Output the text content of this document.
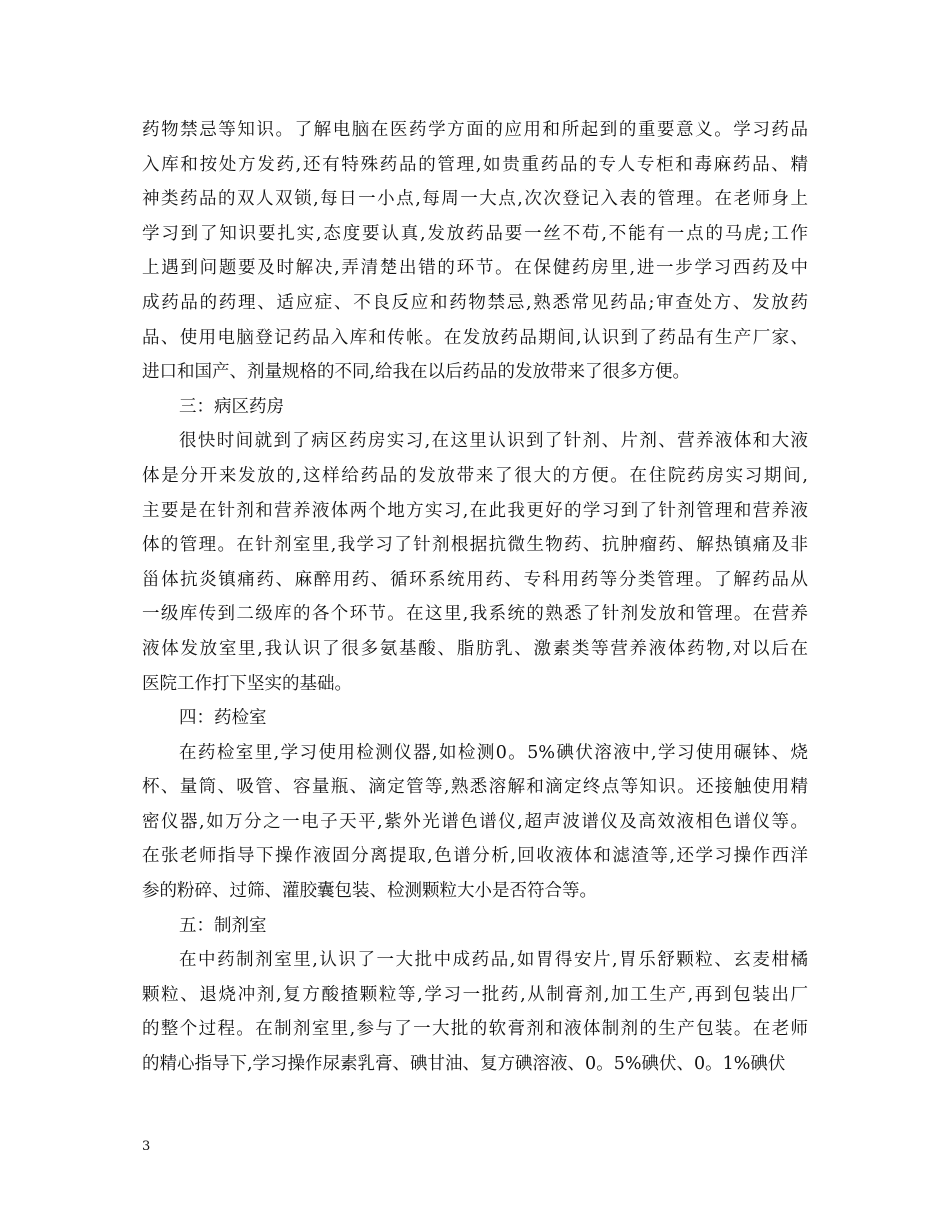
药物禁忌等知识。了解电脑在医药学方面的应用和所起到的重要意义。学习药品
入库和按处方发药,还有特殊药品的管理,如贵重药品的专人专柜和毒麻药品、精
神类药品的双人双锁,每日一小点,每周一大点,次次登记入表的管理。在老师身上
学习到了知识要扎实,态度要认真,发放药品要一丝不苟,不能有一点的马虎;工作
上遇到问题要及时解决,弄清楚出错的环节。在保健药房里,进一步学习西药及中
成药品的药理、适应症、不良反应和药物禁忌,熟悉常见药品;审查处方、发放药
品、使用电脑登记药品入库和传帐。在发放药品期间,认识到了药品有生产厂家、
进口和国产、剂量规格的不同,给我在以后药品的发放带来了很多方便。
三：病区药房
很快时间就到了病区药房实习,在这里认识到了针剂、片剂、营养液体和大液
体是分开来发放的,这样给药品的发放带来了很大的方便。在住院药房实习期间,
主要是在针剂和营养液体两个地方实习,在此我更好的学习到了针剂管理和营养液
体的管理。在针剂室里,我学习了针剂根据抗微生物药、抗肿瘤药、解热镇痛及非
甾体抗炎镇痛药、麻醉用药、循环系统用药、专科用药等分类管理。了解药品从
一级库传到二级库的各个环节。在这里,我系统的熟悉了针剂发放和管理。在营养
液体发放室里,我认识了很多氨基酸、脂肪乳、激素类等营养液体药物,对以后在
医院工作打下坚实的基础。
四：药检室
在药检室里,学习使用检测仪器,如检测0。5%碘伏溶液中,学习使用碾钵、烧
杯、量筒、吸管、容量瓶、滴定管等,熟悉溶解和滴定终点等知识。还接触使用精
密仪器,如万分之一电子天平,紫外光谱色谱仪,超声波谱仪及高效液相色谱仪等。
在张老师指导下操作液固分离提取,色谱分析,回收液体和滤渣等,还学习操作西洋
参的粉碎、过筛、灌胶囊包装、检测颗粒大小是否符合等。
五：制剂室
在中药制剂室里,认识了一大批中成药品,如胃得安片,胃乐舒颗粒、玄麦柑橘
颗粒、退烧冲剂,复方酸揸颗粒等,学习一批药,从制膏剂,加工生产,再到包装出厂
的整个过程。在制剂室里,参与了一大批的软膏剂和液体制剂的生产包装。在老师
的精心指导下,学习操作尿素乳膏、碘甘油、复方碘溶液、0。5%碘伏、0。1%碘伏
3
